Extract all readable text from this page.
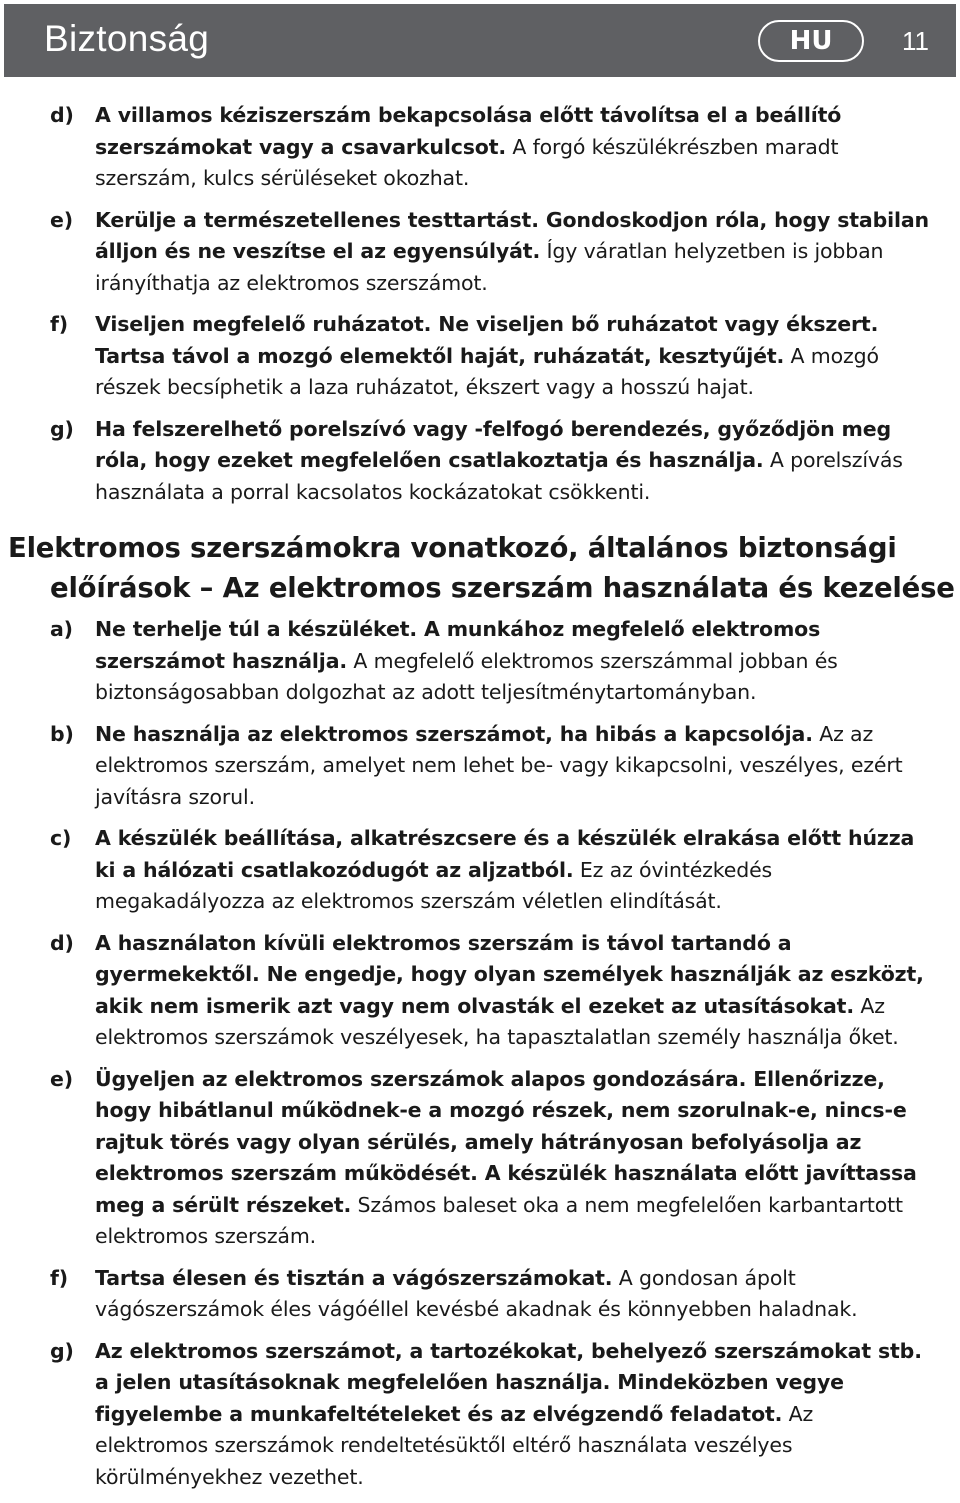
Biztonság	HU	11
d) A villamos kéziszerszám bekapcsolása előtt távolítsa el a beállító szerszámokat vagy a csavarkulcsot. A forgó készülékrészben maradt szerszám, kulcs sérüléseket okozhat.
e) Kerülje a természetellenes testtartást. Gondoskodjon róla, hogy stabilan álljon és ne veszítse el az egyensúlyát. Így váratlan helyzetben is jobban irányíthatja az elektromos szerszámot.
f) Viseljen megfelelő ruházatot. Ne viseljen bő ruházatot vagy ékszert. Tartsa távol a mozgó elemektől haját, ruházatát, kesztyűjét. A mozgó részek becsíphetik a laza ruházatot, ékszert vagy a hosszú hajat.
g) Ha felszerelhető porelszívó vagy -felfogó berendezés, győződjön meg róla, hogy ezeket megfelelően csatlakoztatja és használja. A porelszívás használata a porral kacsolatos kockázatokat csökkenti.
Elektromos szerszámokra vonatkozó, általános biztonsági
előírások – Az elektromos szerszám használata és kezelése
a) Ne terhelje túl a készüléket. A munkához megfelelő elektromos szerszámot használja. A megfelelő elektromos szerszámmal jobban és biztonságosabban dolgozhat az adott teljesítménytartományban.
b) Ne használja az elektromos szerszámot, ha hibás a kapcsolója. Az az elektromos szerszám, amelyet nem lehet be- vagy kikapcsolni, veszélyes, ezért javításra szorul.
c) A készülék beállítása, alkatrészcsere és a készülék elrakása előtt húzza ki a hálózati csatlakozódugót az aljzatból. Ez az óvintézkedés megakadályozza az elektromos szerszám véletlen elindítását.
d) A használaton kívüli elektromos szerszám is távol tartandó a gyermekektől. Ne engedje, hogy olyan személyek használják az eszközt, akik nem ismerik azt vagy nem olvasták el ezeket az utasításokat. Az elektromos szerszámok veszélyesek, ha tapasztalatlan személy használja őket.
e) Ügyeljen az elektromos szerszámok alapos gondozására. Ellenőrizze, hogy hibátlanul működnek-e a mozgó részek, nem szorulnak-e, nincs-e rajtuk törés vagy olyan sérülés, amely hátrányosan befolyásolja az elektromos szerszám működését. A készülék használata előtt javíttassa meg a sérült részeket. Számos baleset oka a nem megfelelően karbantartott elektromos szerszám.
f) Tartsa élesen és tisztán a vágószerszámokat. A gondosan ápolt vágószerszámok éles vágóéllel kevésbé akadnak és könnyebben haladnak.
g) Az elektromos szerszámot, a tartozékokat, behelyező szerszámokat stb. a jelen utasításoknak megfelelően használja. Mindeközben vegye figyelembe a munkafeltételeket és az elvégzendő feladatot. Az elektromos szerszámok rendeltetésüktől eltérő használata veszélyes körülményekhez vezethet.
